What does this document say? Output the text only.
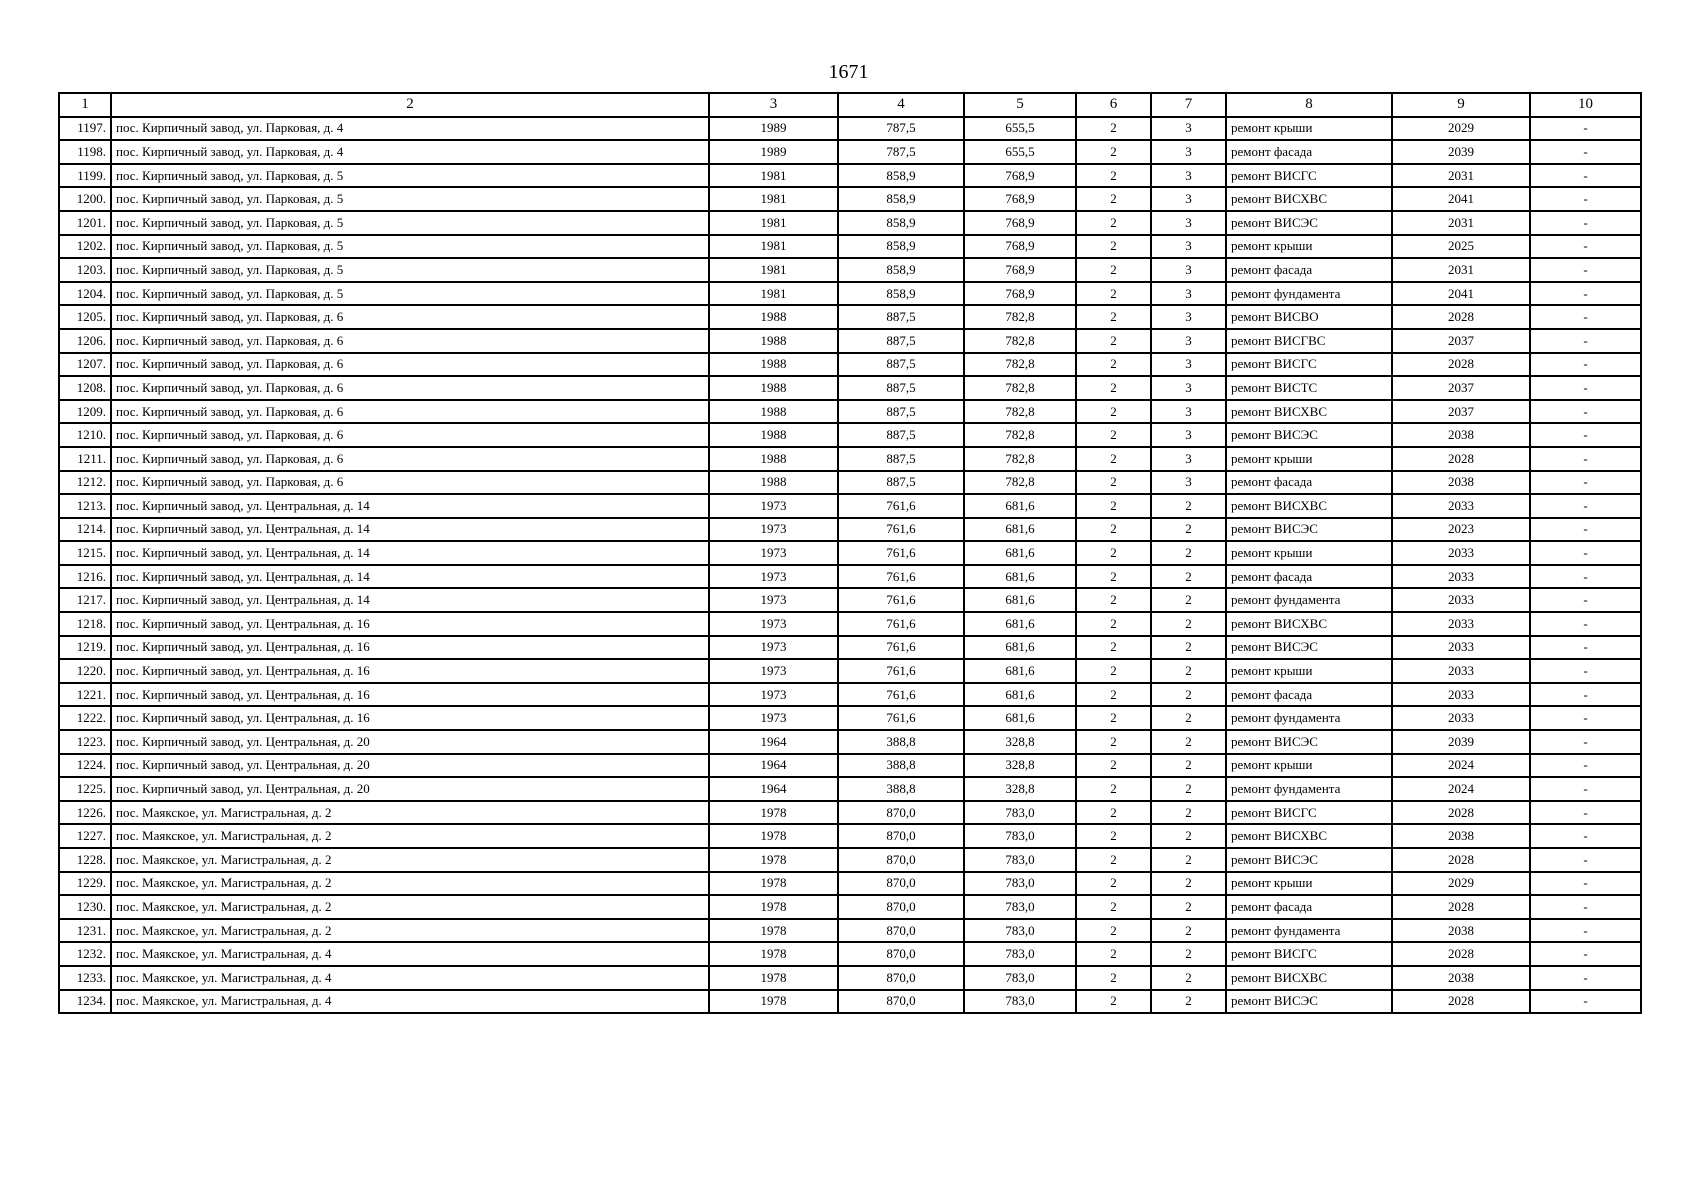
1671
1	2	3	4	5	6	7	8	9	10
1197.	пос. Кирпичный завод, ул. Парковая, д. 4	1989	787,5	655,5	2	3	ремонт крыши	2029	-
1198.	пос. Кирпичный завод, ул. Парковая, д. 4	1989	787,5	655,5	2	3	ремонт фасада	2039	-
1199.	пос. Кирпичный завод, ул. Парковая, д. 5	1981	858,9	768,9	2	3	ремонт ВИСГС	2031	-
1200.	пос. Кирпичный завод, ул. Парковая, д. 5	1981	858,9	768,9	2	3	ремонт ВИСХВС	2041	-
1201.	пос. Кирпичный завод, ул. Парковая, д. 5	1981	858,9	768,9	2	3	ремонт ВИСЭС	2031	-
1202.	пос. Кирпичный завод, ул. Парковая, д. 5	1981	858,9	768,9	2	3	ремонт крыши	2025	-
1203.	пос. Кирпичный завод, ул. Парковая, д. 5	1981	858,9	768,9	2	3	ремонт фасада	2031	-
1204.	пос. Кирпичный завод, ул. Парковая, д. 5	1981	858,9	768,9	2	3	ремонт фундамента	2041	-
1205.	пос. Кирпичный завод, ул. Парковая, д. 6	1988	887,5	782,8	2	3	ремонт ВИСВО	2028	-
1206.	пос. Кирпичный завод, ул. Парковая, д. 6	1988	887,5	782,8	2	3	ремонт ВИСГВС	2037	-
1207.	пос. Кирпичный завод, ул. Парковая, д. 6	1988	887,5	782,8	2	3	ремонт ВИСГС	2028	-
1208.	пос. Кирпичный завод, ул. Парковая, д. 6	1988	887,5	782,8	2	3	ремонт ВИСТС	2037	-
1209.	пос. Кирпичный завод, ул. Парковая, д. 6	1988	887,5	782,8	2	3	ремонт ВИСХВС	2037	-
1210.	пос. Кирпичный завод, ул. Парковая, д. 6	1988	887,5	782,8	2	3	ремонт ВИСЭС	2038	-
1211.	пос. Кирпичный завод, ул. Парковая, д. 6	1988	887,5	782,8	2	3	ремонт крыши	2028	-
1212.	пос. Кирпичный завод, ул. Парковая, д. 6	1988	887,5	782,8	2	3	ремонт фасада	2038	-
1213.	пос. Кирпичный завод, ул. Центральная, д. 14	1973	761,6	681,6	2	2	ремонт ВИСХВС	2033	-
1214.	пос. Кирпичный завод, ул. Центральная, д. 14	1973	761,6	681,6	2	2	ремонт ВИСЭС	2023	-
1215.	пос. Кирпичный завод, ул. Центральная, д. 14	1973	761,6	681,6	2	2	ремонт крыши	2033	-
1216.	пос. Кирпичный завод, ул. Центральная, д. 14	1973	761,6	681,6	2	2	ремонт фасада	2033	-
1217.	пос. Кирпичный завод, ул. Центральная, д. 14	1973	761,6	681,6	2	2	ремонт фундамента	2033	-
1218.	пос. Кирпичный завод, ул. Центральная, д. 16	1973	761,6	681,6	2	2	ремонт ВИСХВС	2033	-
1219.	пос. Кирпичный завод, ул. Центральная, д. 16	1973	761,6	681,6	2	2	ремонт ВИСЭС	2033	-
1220.	пос. Кирпичный завод, ул. Центральная, д. 16	1973	761,6	681,6	2	2	ремонт крыши	2033	-
1221.	пос. Кирпичный завод, ул. Центральная, д. 16	1973	761,6	681,6	2	2	ремонт фасада	2033	-
1222.	пос. Кирпичный завод, ул. Центральная, д. 16	1973	761,6	681,6	2	2	ремонт фундамента	2033	-
1223.	пос. Кирпичный завод, ул. Центральная, д. 20	1964	388,8	328,8	2	2	ремонт ВИСЭС	2039	-
1224.	пос. Кирпичный завод, ул. Центральная, д. 20	1964	388,8	328,8	2	2	ремонт крыши	2024	-
1225.	пос. Кирпичный завод, ул. Центральная, д. 20	1964	388,8	328,8	2	2	ремонт фундамента	2024	-
1226.	пос. Маякское, ул. Магистральная, д. 2	1978	870,0	783,0	2	2	ремонт ВИСГС	2028	-
1227.	пос. Маякское, ул. Магистральная, д. 2	1978	870,0	783,0	2	2	ремонт ВИСХВС	2038	-
1228.	пос. Маякское, ул. Магистральная, д. 2	1978	870,0	783,0	2	2	ремонт ВИСЭС	2028	-
1229.	пос. Маякское, ул. Магистральная, д. 2	1978	870,0	783,0	2	2	ремонт крыши	2029	-
1230.	пос. Маякское, ул. Магистральная, д. 2	1978	870,0	783,0	2	2	ремонт фасада	2028	-
1231.	пос. Маякское, ул. Магистральная, д. 2	1978	870,0	783,0	2	2	ремонт фундамента	2038	-
1232.	пос. Маякское, ул. Магистральная, д. 4	1978	870,0	783,0	2	2	ремонт ВИСГС	2028	-
1233.	пос. Маякское, ул. Магистральная, д. 4	1978	870,0	783,0	2	2	ремонт ВИСХВС	2038	-
1234.	пос. Маякское, ул. Магистральная, д. 4	1978	870,0	783,0	2	2	ремонт ВИСЭС	2028	-
